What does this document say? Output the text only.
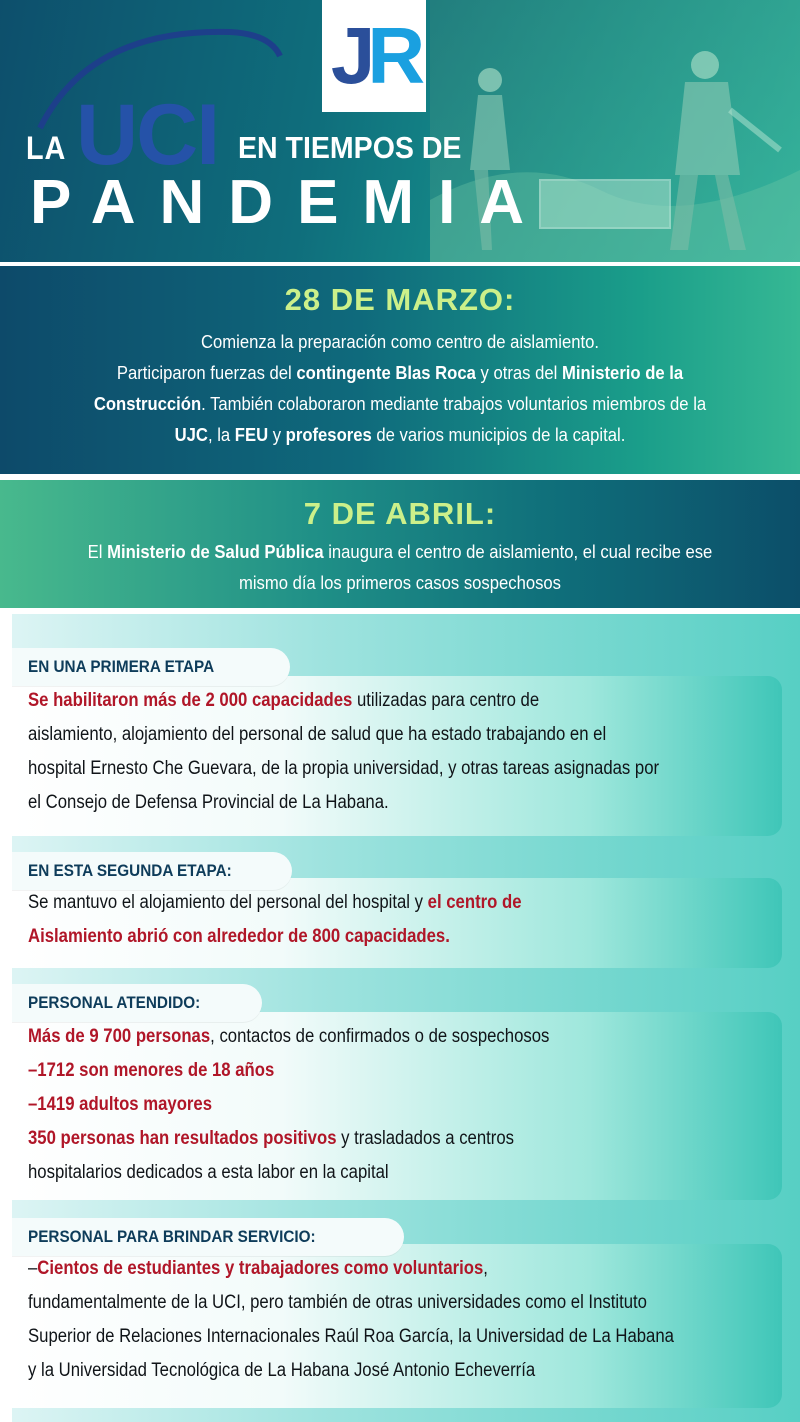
JR
LA UCI EN TIEMPOS DE
PANDEMIA
28 DE MARZO:
Comienza la preparación como centro de aislamiento.
Participaron fuerzas del contingente Blas Roca y otras del Ministerio de la
Construcción. También colaboraron mediante trabajos voluntarios miembros de la
UJC, la FEU y profesores de varios municipios de la capital.
7 DE ABRIL:
El Ministerio de Salud Pública inaugura el centro de aislamiento, el cual recibe ese
mismo día los primeros casos sospechosos
Se habilitaron más de 2 000 capacidades utilizadas para centro de
aislamiento, alojamiento del personal de salud que ha estado trabajando en el
hospital Ernesto Che Guevara, de la propia universidad, y otras tareas asignadas por
el Consejo de Defensa Provincial de La Habana.
EN UNA PRIMERA ETAPA
Se mantuvo el alojamiento del personal del hospital y el centro de
Aislamiento abrió con alrededor de 800 capacidades.
EN ESTA SEGUNDA ETAPA:
Más de 9 700 personas, contactos de confirmados o de sospechosos
–1712 son menores de 18 años
–1419 adultos mayores
350 personas han resultados positivos y trasladados a centros
hospitalarios dedicados a esta labor en la capital
PERSONAL ATENDIDO:
–Cientos de estudiantes y trabajadores como voluntarios,
fundamentalmente de la UCI, pero también de otras universidades como el Instituto
Superior de Relaciones Internacionales Raúl Roa García, la Universidad de La Habana
y la Universidad Tecnológica de La Habana José Antonio Echeverría
PERSONAL PARA BRINDAR SERVICIO:
